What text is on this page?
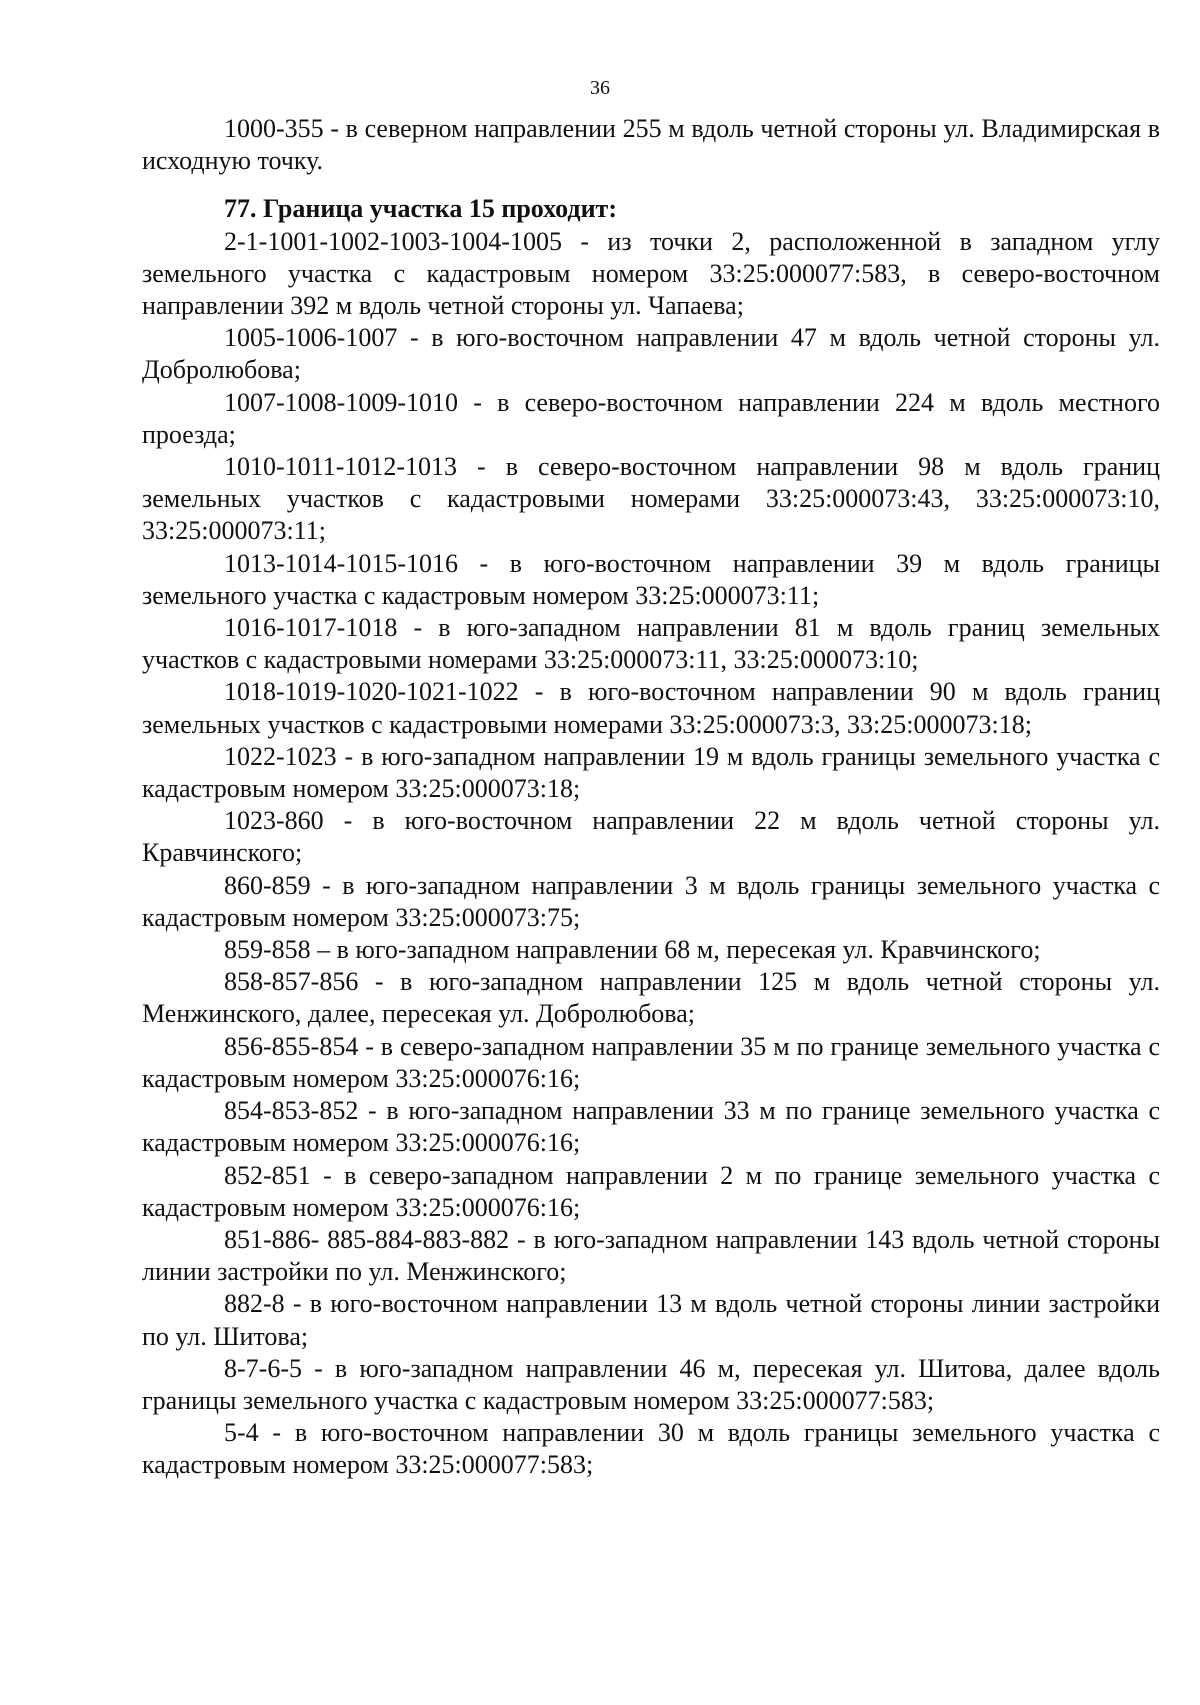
36

1000-355 - в северном направлении 255 м вдоль четной стороны ул. Владимирская в исходную точку.

77. Граница участка 15 проходит:

2-1-1001-1002-1003-1004-1005 - из точки 2, расположенной в западном углу земельного участка с кадастровым номером 33:25:000077:583, в северо-восточном направлении 392 м вдоль четной стороны ул. Чапаева;

1005-1006-1007 - в юго-восточном направлении 47 м вдоль четной стороны ул. Добролюбова;

1007-1008-1009-1010 - в северо-восточном направлении 224 м вдоль местного проезда;

1010-1011-1012-1013 - в северо-восточном направлении 98 м вдоль границ земельных участков с кадастровыми номерами 33:25:000073:43, 33:25:000073:10, 33:25:000073:11;

1013-1014-1015-1016 - в юго-восточном направлении 39 м вдоль границы земельного участка с кадастровым номером 33:25:000073:11;

1016-1017-1018 - в юго-западном направлении 81 м вдоль границ земельных участков с кадастровыми номерами 33:25:000073:11, 33:25:000073:10;

1018-1019-1020-1021-1022 - в юго-восточном направлении 90 м вдоль границ земельных участков с кадастровыми номерами 33:25:000073:3, 33:25:000073:18;

1022-1023 - в юго-западном направлении 19 м вдоль границы земельного участка с кадастровым номером 33:25:000073:18;

1023-860 - в юго-восточном направлении 22 м вдоль четной стороны ул. Кравчинского;

860-859 - в юго-западном направлении 3 м вдоль границы земельного участка с кадастровым номером 33:25:000073:75;

859-858 – в юго-западном направлении 68 м, пересекая ул. Кравчинского;

858-857-856 - в юго-западном направлении 125 м вдоль четной стороны ул. Менжинского, далее, пересекая ул. Добролюбова;

856-855-854 - в северо-западном направлении 35 м по границе земельного участка с кадастровым номером 33:25:000076:16;

854-853-852 - в юго-западном направлении 33 м по границе земельного участка с кадастровым номером 33:25:000076:16;

852-851 - в северо-западном направлении 2 м по границе земельного участка с кадастровым номером 33:25:000076:16;

851-886- 885-884-883-882 - в юго-западном направлении 143 вдоль четной стороны линии застройки по ул. Менжинского;

882-8 - в юго-восточном направлении 13 м вдоль четной стороны линии застройки по ул. Шитова;

8-7-6-5 - в юго-западном направлении 46 м, пересекая ул. Шитова, далее вдоль границы земельного участка с кадастровым номером 33:25:000077:583;

5-4 - в юго-восточном направлении 30 м вдоль границы земельного участка с кадастровым номером 33:25:000077:583;
